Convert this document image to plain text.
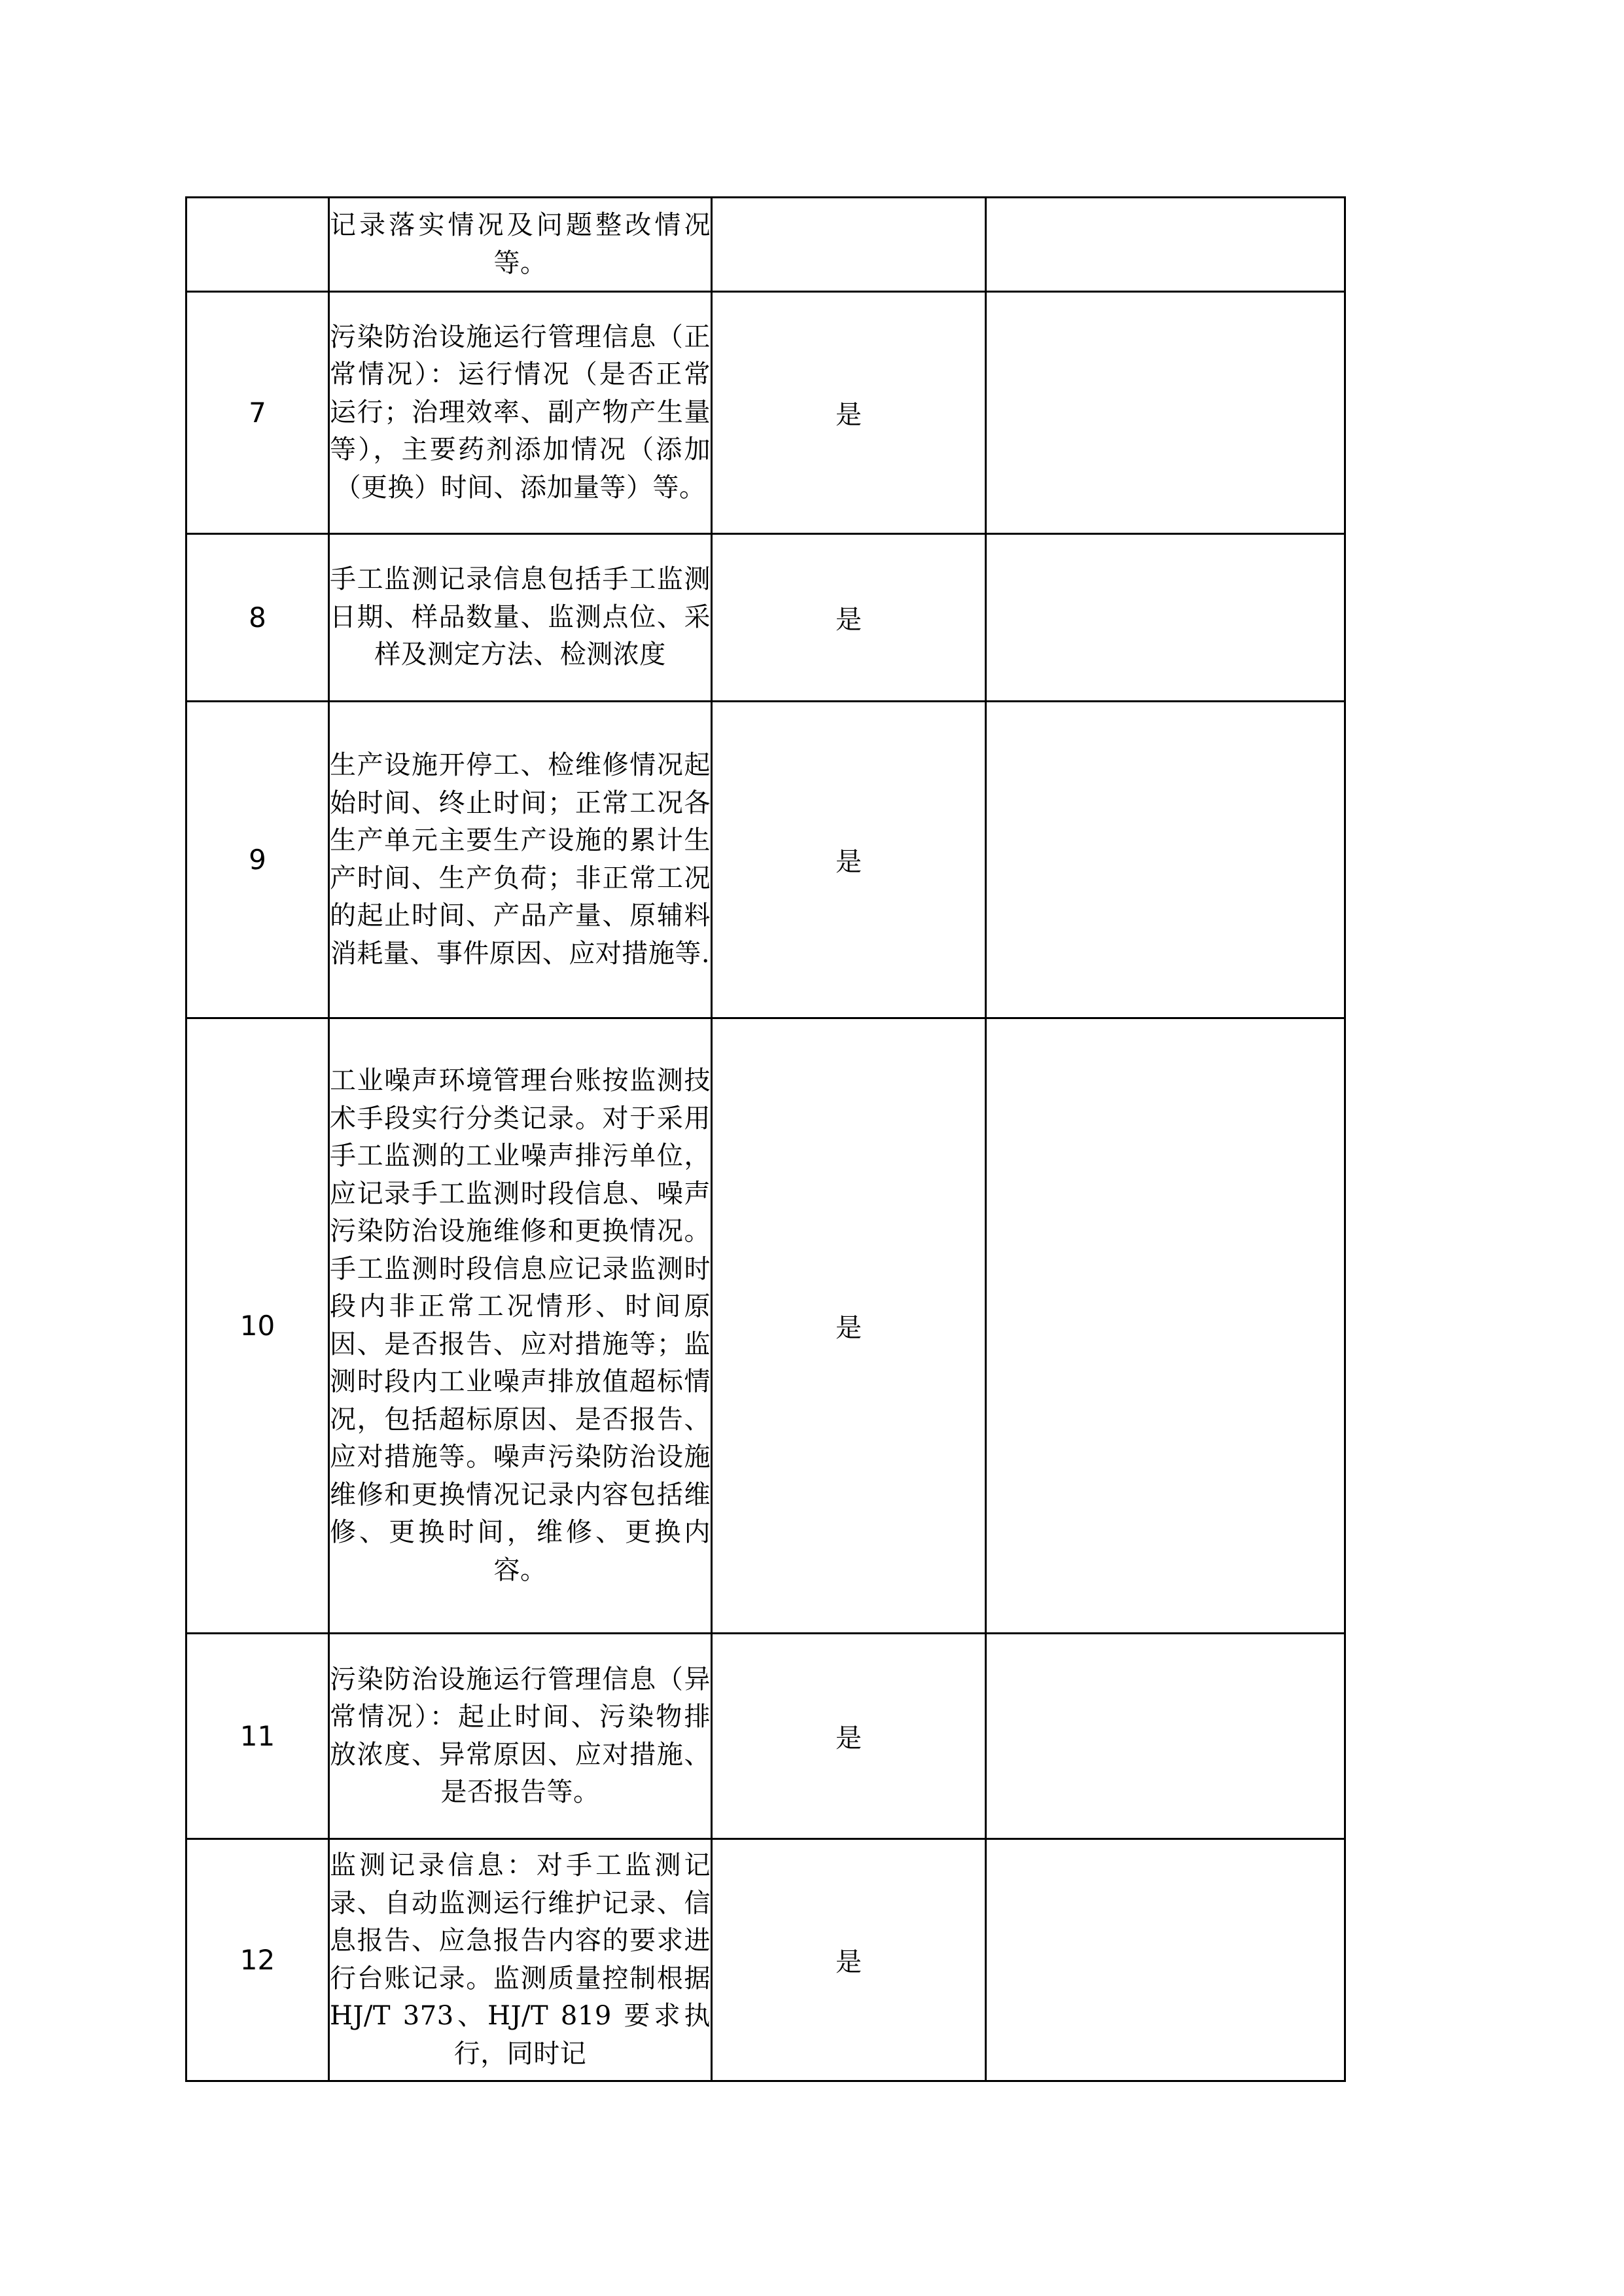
	记录落实情况及问题整改情况等。		

7	污染防治设施运行管理信息（正常情况）：运行情况（是否正常运行；治理效率、副产物产生量等），主要药剂添加情况（添加（更换）时间、添加量等）等。	是	
8	手工监测记录信息包括手工监测日期、样品数量、监测点位、采样及测定方法、检测浓度	是	
9	生产设施开停工、检维修情况起始时间、终止时间；正常工况各生产单元主要生产设施的累计生产时间、生产负荷；非正常工况的起止时间、产品产量、原辅料消耗量、事件原因、应对措施等.	是	
10	工业噪声环境管理台账按监测技术手段实行分类记录。对于采用手工监测的工业噪声排污单位，应记录手工监测时段信息、噪声污染防治设施维修和更换情况。手工监测时段信息应记录监测时段内非正常工况情形、时间原因、是否报告、应对措施等；监测时段内工业噪声排放值超标情况，包括超标原因、是否报告、应对措施等。噪声污染防治设施维修和更换情况记录内容包括维修、更换时间，维修、更换内容。	是	
11	污染防治设施运行管理信息（异常情况）：起止时间、污染物排放浓度、异常原因、应对措施、是否报告等。	是	
12	监测记录信息：对手工监测记录、自动监测运行维护记录、信息报告、应急报告内容的要求进行台账记录。监测质量控制根据 HJ/T 373、HJ/T 819 要求执行，同时记	是	
